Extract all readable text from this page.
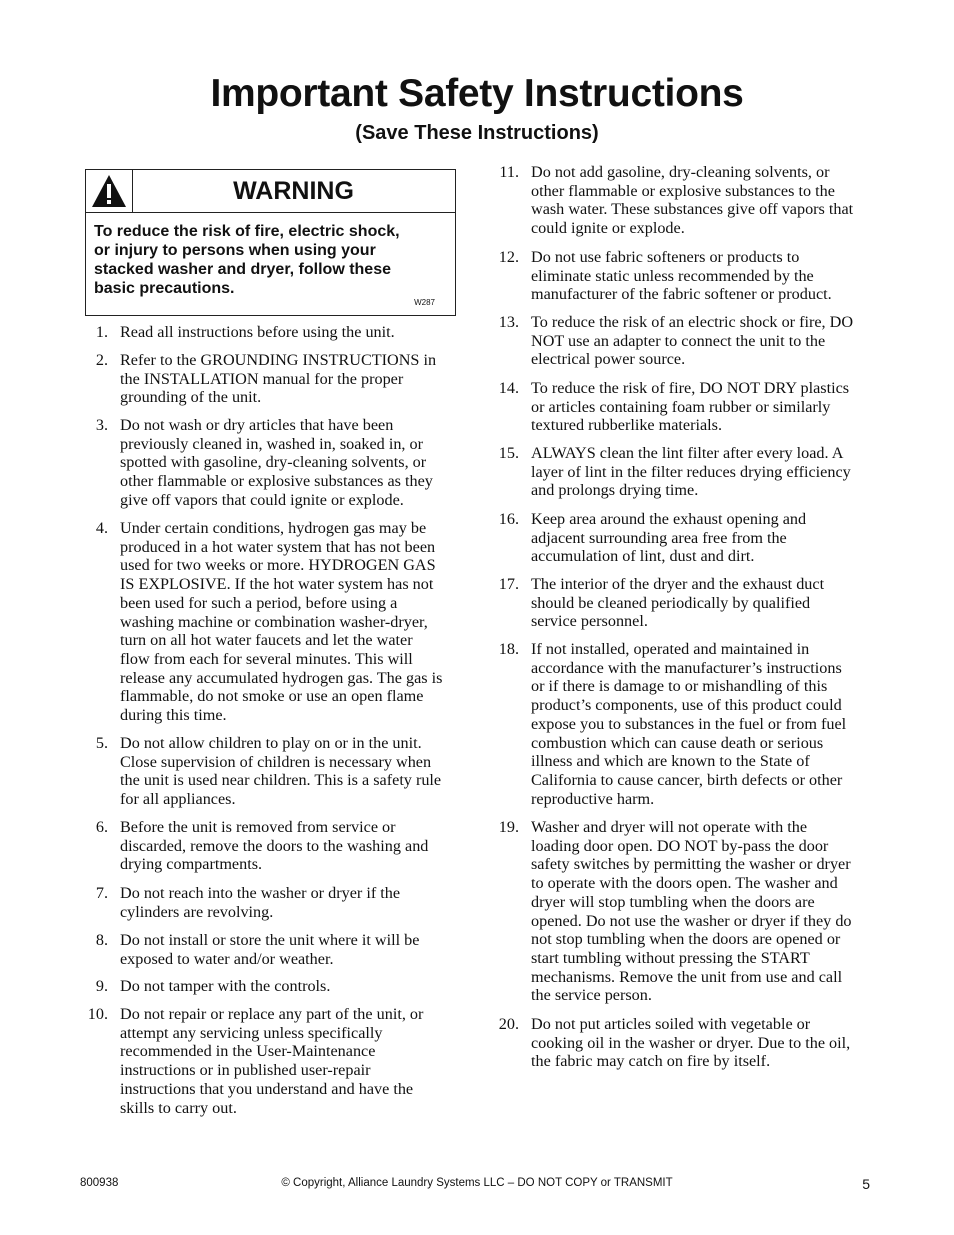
Important Safety Instructions
(Save These Instructions)
WARNING
To reduce the risk of fire, electric shock,
or injury to persons when using your
stacked washer and dryer, follow these
basic precautions.
W287
1. Read all instructions before using the unit.
2. Refer to the GROUNDING INSTRUCTIONS in
the INSTALLATION manual for the proper
grounding of the unit.
3. Do not wash or dry articles that have been
previously cleaned in, washed in, soaked in, or
spotted with gasoline, dry-cleaning solvents, or
other flammable or explosive substances as they
give off vapors that could ignite or explode.
4. Under certain conditions, hydrogen gas may be
produced in a hot water system that has not been
used for two weeks or more. HYDROGEN GAS
IS EXPLOSIVE. If the hot water system has not
been used for such a period, before using a
washing machine or combination washer-dryer,
turn on all hot water faucets and let the water
flow from each for several minutes. This will
release any accumulated hydrogen gas. The gas is
flammable, do not smoke or use an open flame
during this time.
5. Do not allow children to play on or in the unit.
Close supervision of children is necessary when
the unit is used near children. This is a safety rule
for all appliances.
6. Before the unit is removed from service or
discarded, remove the doors to the washing and
drying compartments.
7. Do not reach into the washer or dryer if the
cylinders are revolving.
8. Do not install or store the unit where it will be
exposed to water and/or weather.
9. Do not tamper with the controls.
10. Do not repair or replace any part of the unit, or
attempt any servicing unless specifically
recommended in the User-Maintenance
instructions or in published user-repair
instructions that you understand and have the
skills to carry out.
11. Do not add gasoline, dry-cleaning solvents, or
other flammable or explosive substances to the
wash water. These substances give off vapors that
could ignite or explode.
12. Do not use fabric softeners or products to
eliminate static unless recommended by the
manufacturer of the fabric softener or product.
13. To reduce the risk of an electric shock or fire, DO
NOT use an adapter to connect the unit to the
electrical power source.
14. To reduce the risk of fire, DO NOT DRY plastics
or articles containing foam rubber or similarly
textured rubberlike materials.
15. ALWAYS clean the lint filter after every load. A
layer of lint in the filter reduces drying efficiency
and prolongs drying time.
16. Keep area around the exhaust opening and
adjacent surrounding area free from the
accumulation of lint, dust and dirt.
17. The interior of the dryer and the exhaust duct
should be cleaned periodically by qualified
service personnel.
18. If not installed, operated and maintained in
accordance with the manufacturer’s instructions
or if there is damage to or mishandling of this
product’s components, use of this product could
expose you to substances in the fuel or from fuel
combustion which can cause death or serious
illness and which are known to the State of
California to cause cancer, birth defects or other
reproductive harm.
19. Washer and dryer will not operate with the
loading door open. DO NOT by-pass the door
safety switches by permitting the washer or dryer
to operate with the doors open. The washer and
dryer will stop tumbling when the doors are
opened. Do not use the washer or dryer if they do
not stop tumbling when the doors are opened or
start tumbling without pressing the START
mechanisms. Remove the unit from use and call
the service person.
20. Do not put articles soiled with vegetable or
cooking oil in the washer or dryer. Due to the oil,
the fabric may catch on fire by itself.
800938	© Copyright, Alliance Laundry Systems LLC – DO NOT COPY or TRANSMIT	5
